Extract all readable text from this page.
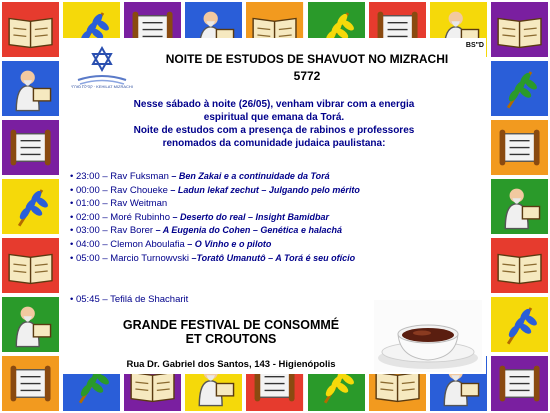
קהילת מזרחי · KEHILAT MIZRACHI
BS"D
NOITE DE ESTUDOS DE SHAVUOT NO MIZRACHI
5772
Nesse sábado à noite (26/05), venham vibrar com a energia
espiritual que emana da Torá.
Noite de estudos com a presença de rabinos e professores
renomados da comunidade judaica paulistana:
• 23:00 – Rav Fuksman – Ben Zakai e a continuidade da Torá
• 00:00 – Rav Choueke – Ladun lekaf zechut – Julgando pelo mérito
• 01:00 – Rav Weitman
• 02:00 – Moré Rubinho – Deserto do real – Insight Bamidbar
• 03:00 – Rav Borer – A Eugenia do Cohen – Genética e halachá
• 04:00 – Clemon Aboulafia – O Vinho e o piloto
• 05:00 – Marcio Turnowvski –Toratô Umanutô – A Torá é seu ofício
• 05:45 – Tefilá de Shacharit
GRANDE FESTIVAL DE CONSOMMÉ
ET CROUTONS
Rua Dr. Gabriel dos Santos, 143 - Higienópolis
